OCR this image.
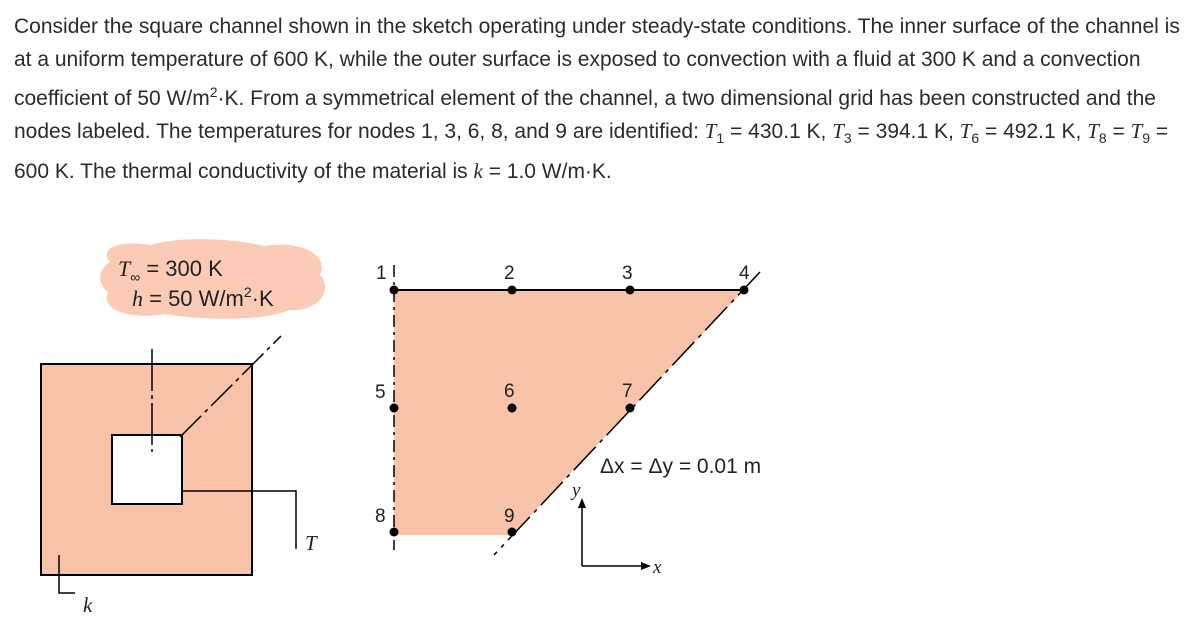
Consider the square channel shown in the sketch operating under steady-state conditions. The inner surface of the channel is at a uniform temperature of 600 K, while the outer surface is exposed to convection with a fluid at 300 K and a convection coefficient of 50 $W/m^2\cdot K$. From a symmetrical element of the channel, a two dimensional grid has been constructed and the nodes labeled. The temperatures for nodes 1, 3, 6, 8, and 9 are identified: $T_1 = 430.1$ K, $T_3 = 394.1$ K, $T_6 = 492.1$ K, $T_8 = T_9 = 600$ K. The thermal conductivity of the material is k = 1.0 W/m·K.

$T_\infty = 300$ K
h = 50 $W/m^2\cdot K$
T
k
1	2	3	4
5	6	7
8	9
Δx = Δy = 0.01 m
y
x
